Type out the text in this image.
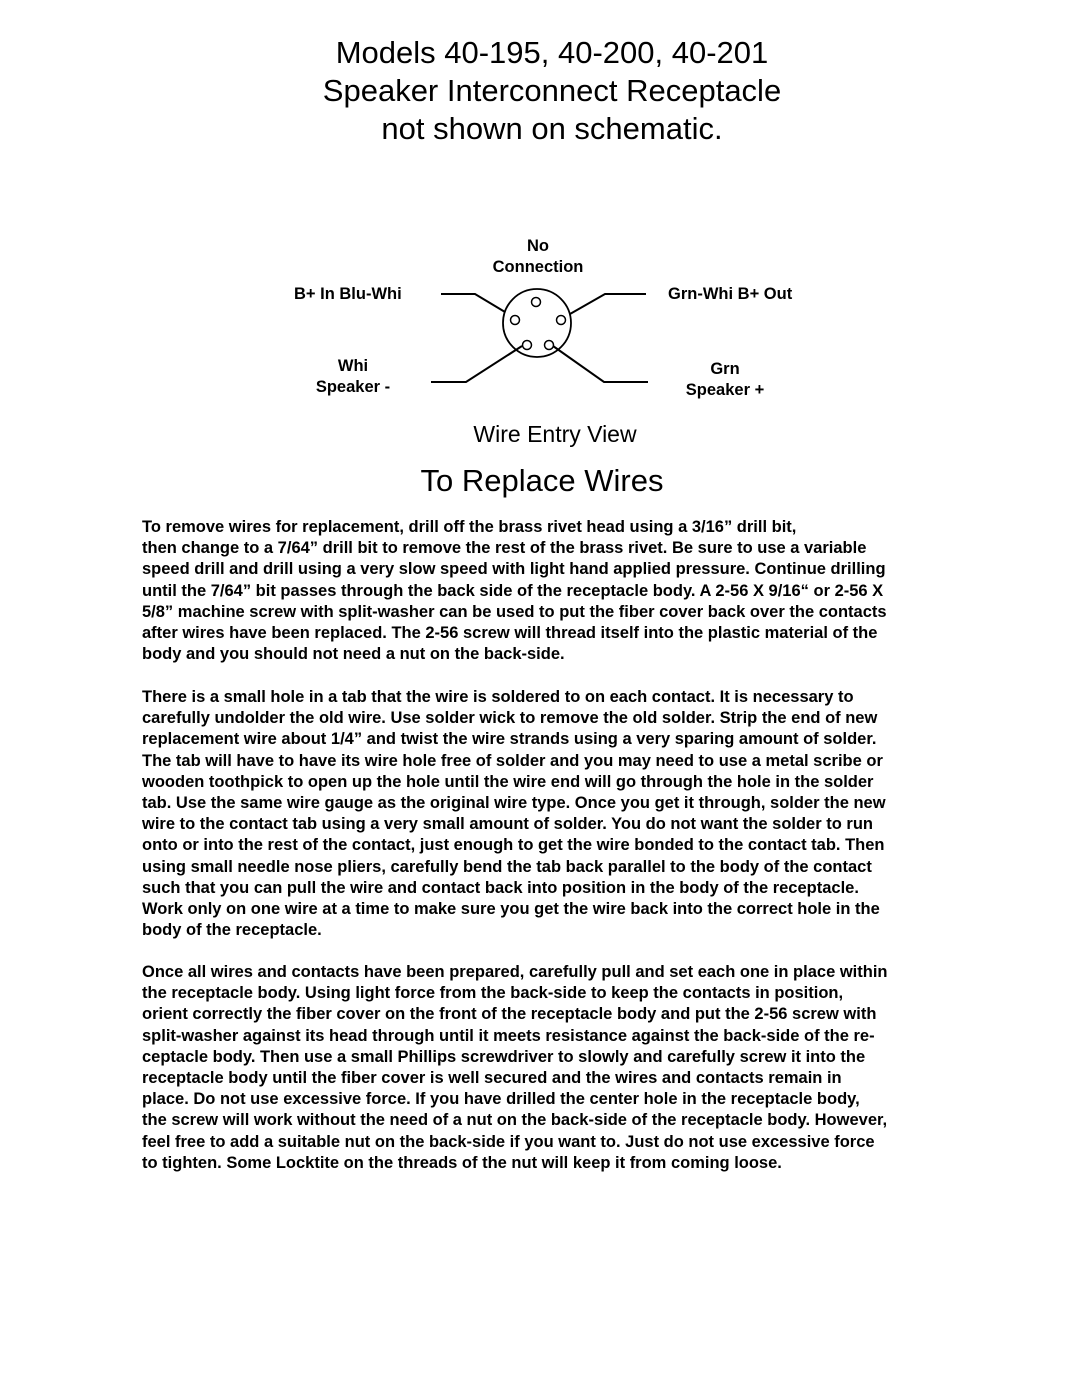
Models 40-195, 40-200, 40-201
Speaker Interconnect Receptacle
not shown on schematic.
No
Connection
B+ In Blu-Whi	Grn-Whi B+ Out
Whi
Speaker -
Grn
Speaker +
Wire Entry View
To Replace Wires
To remove wires for replacement, drill off the brass rivet head using a 3/16” drill bit,
then change to a 7/64” drill bit to remove the rest of the brass rivet. Be sure to use a variable
speed drill and drill using a very slow speed with light hand applied pressure. Continue drilling
until the 7/64” bit passes through the back side of the receptacle body. A 2-56 X 9/16“ or 2-56 X
5/8” machine screw with split-washer can be used to put the fiber cover back over the contacts
after wires have been replaced. The 2-56 screw will thread itself into the plastic material of the
body and you should not need a nut on the back-side.
There is a small hole in a tab that the wire is soldered to on each contact. It is necessary to
carefully undolder the old wire. Use solder wick to remove the old solder. Strip the end of new
replacement wire about 1/4” and twist the wire strands using a very sparing amount of solder.
The tab will have to have its wire hole free of solder and you may need to use a metal scribe or
wooden toothpick to open up the hole until the wire end will go through the hole in the solder
tab. Use the same wire gauge as the original wire type. Once you get it through, solder the new
wire to the contact tab using a very small amount of solder. You do not want the solder to run
onto or into the rest of the contact, just enough to get the wire bonded to the contact tab. Then
using small needle nose pliers, carefully bend the tab back parallel to the body of the contact
such that you can pull the wire and contact back into position in the body of the receptacle.
Work only on one wire at a time to make sure you get the wire back into the correct hole in the
body of the receptacle.
Once all wires and contacts have been prepared, carefully pull and set each one in place within
the receptacle body. Using light force from the back-side to keep the contacts in position,
orient correctly the fiber cover on the front of the receptacle body and put the 2-56 screw with
split-washer against its head through until it meets resistance against the back-side of the re-
ceptacle body. Then use a small Phillips screwdriver to slowly and carefully screw it into the
receptacle body until the fiber cover is well secured and the wires and contacts remain in
place. Do not use excessive force. If you have drilled the center hole in the receptacle body,
the screw will work without the need of a nut on the back-side of the receptacle body. However,
feel free to add a suitable nut on the back-side if you want to. Just do not use excessive force
to tighten. Some Locktite on the threads of the nut will keep it from coming loose.
